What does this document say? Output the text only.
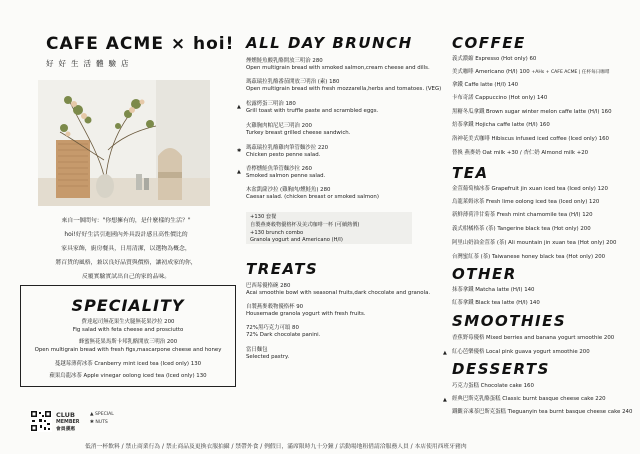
CAFE ACME × hoi!
好好生活體驗店
來自一個問句："你想擁有的，是什麼樣的生活？"
hoi!好好生活引進國內外具設計感且高性價比的
家具家飾，廚房餐具，日用清潔，以選物為概念，
將百貨的風格，兼以良好品質與價格，讓初成家的你，
反覆實驗實試出自己的家的品味。
SPECIALITY
費達起司無花果生火腿無花果沙拉 200
Fig salad with feta cheese and prosciutto
蜂蜜無花果馬斯卡邦乳酪開放三明治 200
Open multigrain bread with fresh figs,mascarpone cheese and honey
蔓越莓薄荷冰茶 Cranberry mint iced tea (Iced only) 130
蘋果烏龍冰茶 Apple vinegar oolong iced tea (Iced only) 130
CLUB
MEMBER
會員優惠
▲ SPECIAL
✱ NUTS
ALL DAY BRUNCH
煙燻鮭魚酸乳酪開放三明治 280
Open multigrain bread with smoked salmon,cream cheese and dills.
瑪茲瑞拉乳酪番茄開放三明治 (素) 180
Open multigrain bread with fresh mozzarella,herbs and tomatoes. (VEG)
▲ 松露烤蛋三明治 180
Grill toast with truffle paste and scrambled eggs.
火雞胸肉帕尼尼三明治 200
Turkey breast grilled cheese sandwich.
✱ 瑪茲瑞拉乳酪雞肉筆管麵沙拉 220
Chicken pesto penne salad.
▲ 香檸燻鮭魚筆管麵沙拉 260
Smoked salmon penne salad.
木盆凱薩沙拉 (雞胸肉/燻鮭魚) 280
Caesar salad. (chicken breast or smoked salmon)
+130 套餐
自製燕麥穀物優格杯及美式咖啡一杯 (可續熱價)
+130 brunch combo
Granola yogurt and Americano (H/I)
TREATS
巴西莓優格碗 280
Acai smoothie bowl with seasonal fruits,dark chocolate and granola.
自製燕麥穀物優格杯 90
Housemade granola yogurt with fresh fruits.
72%黑巧克力可頌 80
72% Dark chocolate panini.
當日麵包
Selected pastry.
COFFEE
義式濃縮 Espresso (Hot only) 60
美式咖啡 Americano (H/I) 100 +AHs + CAFE ACME | 任杯每日咖啡
拿鐵 Caffe latte (H/I) 140
卡布奇諾 Cappuccino (Hot only) 140
黑糖冬瓜拿鐵 Brown sugar winter melon caffe latte (H/I) 160
焙茶拿鐵 Hojicha caffe latte (H/I) 160
洛神花美式咖啡 Hibiscus infused iced coffee (Iced only) 160
替換 燕麥奶 Oat milk +30 / 杏仁奶 Almond milk +20
TEA
金萱葡萄柚冰茶 Grapefruit jin xuan iced tea (Iced only) 120
烏龍萊姆冰茶 Fresh lime oolong iced tea (Iced only) 120
新鮮薄荷洋甘菊茶 Fresh mint chamomile tea (H/I) 120
義式柑橘格茶 (茶) Tangerine black tea (Hot only) 200
阿里山奶油金萱茶 (茶) Ali mountain jin xuan tea (Hot only) 200
台灣蜜紅茶 (茶) Taiwanese honey black tea (Hot only) 200
OTHER
抹茶拿鐵 Matcha latte (H/I) 140
紅茶拿鐵 Black tea latte (H/I) 140
SMOOTHIES
香蕉野莓優格 Mixed berries and banana yogurt smoothie 200
▲ 紅心芭樂優格 Local pink guava yogurt smoothie 200
DESSERTS
巧克力蛋糕 Chocolate cake 160
▲ 經典巴斯克乳酪蛋糕 Classic burnt basque cheese cake 220
鐵觀音凍茶巴斯克蛋糕 Tieguanyin tea burnt basque cheese cake 240
低消一杯飲料 / 禁止商業行為 / 禁止商品及更換衣服拍攝 / 禁帶外食 / 例假日，滿席限時九十分鐘 / 活動場地租借請洽服務人員 / 本店使用西班牙豬肉
